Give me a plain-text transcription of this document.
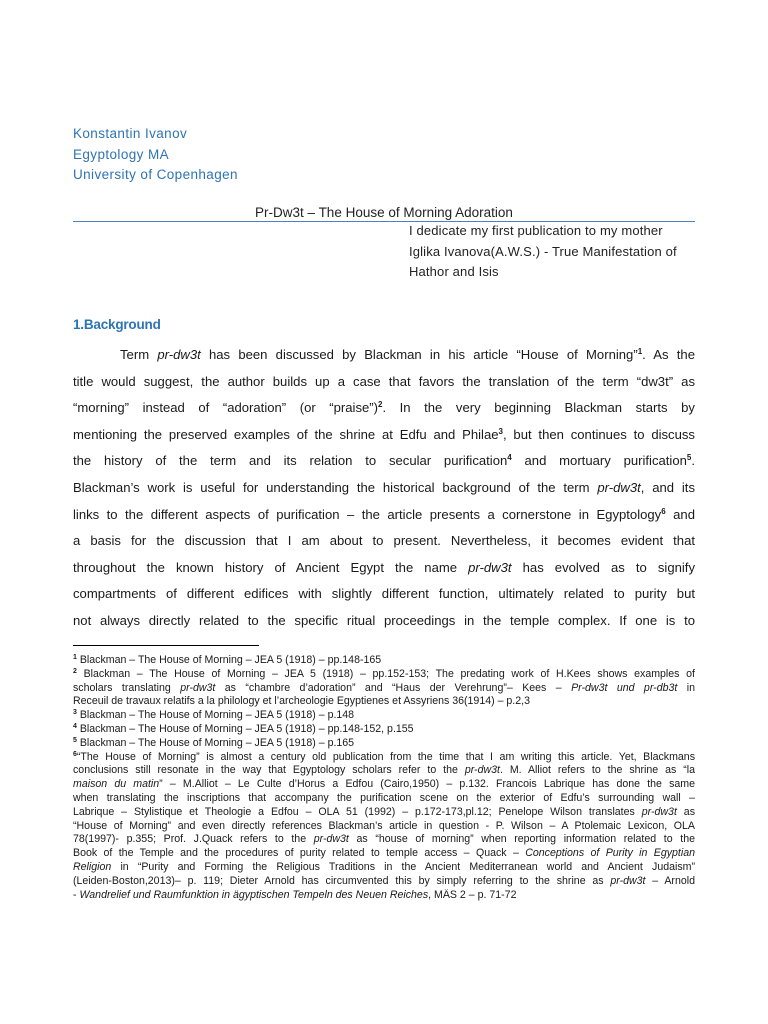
Konstantin Ivanov
Egyptology MA
University of Copenhagen
Pr-Dw3t – The House of Morning Adoration
I dedicate my first publication to my mother
Iglika Ivanova(A.W.S.) - True Manifestation of
Hathor and Isis
1.Background
Term pr-dw3t has been discussed by Blackman in his article “House of Morning”$^1$. As the
title would suggest, the author builds up a case that favors the translation of the term “dw3t” as
“morning” instead of “adoration” (or “praise”)$^2$. In the very beginning Blackman starts by
mentioning the preserved examples of the shrine at Edfu and Philae$^3$, but then continues to discuss
the history of the term and its relation to secular purification$^4$ and mortuary purification$^5$.
Blackman’s work is useful for understanding the historical background of the term pr-dw3t, and its
links to the different aspects of purification – the article presents a cornerstone in Egyptology$^6$ and
a basis for the discussion that I am about to present. Nevertheless, it becomes evident that
throughout the known history of Ancient Egypt the name pr-dw3t has evolved as to signify
compartments of different edifices with slightly different function, ultimately related to purity but
not always directly related to the specific ritual proceedings in the temple complex. If one is to
$^1$ Blackman – The House of Morning – JEA 5 (1918) – pp.148-165
$^2$ Blackman – The House of Morning – JEA 5 (1918) – pp.152-153; The predating work of H.Kees shows examples of
scholars translating pr-dw3t as “chambre d’adoration” and “Haus der Verehrung”– Kees – Pr-dw3t und pr-db3t in
Receuil de travaux relatifs a la philology et l’archeologie Egyptienes et Assyriens 36(1914) – p.2,3
$^3$ Blackman – The House of Morning – JEA 5 (1918) – p.148
$^4$ Blackman – The House of Morning – JEA 5 (1918) – pp.148-152, p.155
$^5$ Blackman – The House of Morning – JEA 5 (1918) – p.165
$^6$“The House of Morning” is almost a century old publication from the time that I am writing this article. Yet, Blackmans
conclusions still resonate in the way that Egyptology scholars refer to the pr-dw3t. M. Alliot refers to the shrine as “la
maison du matin” – M.Alliot – Le Culte d’Horus a Edfou (Cairo,1950) – p.132. Francois Labrique has done the same
when translating the inscriptions that accompany the purification scene on the exterior of Edfu’s surrounding wall –
Labrique – Stylistique et Theologie a Edfou – OLA 51 (1992) – p.172-173,pl.12; Penelope Wilson translates pr-dw3t as
“House of Morning” and even directly references Blackman’s article in question - P. Wilson – A Ptolemaic Lexicon, OLA
78(1997)- p.355; Prof. J.Quack refers to the pr-dw3t as “house of morning” when reporting information related to the
Book of the Temple and the procedures of purity related to temple access – Quack – Conceptions of Purity in Egyptian
Religion in “Purity and Forming the Religious Traditions in the Ancient Mediterranean world and Ancient Judaism”
(Leiden-Boston,2013)– p. 119; Dieter Arnold has circumvented this by simply referring to the shrine as pr-dw3t – Arnold
- Wandrelief und Raumfunktion in ägyptischen Tempeln des Neuen Reiches, MÄS 2 – p. 71-72
